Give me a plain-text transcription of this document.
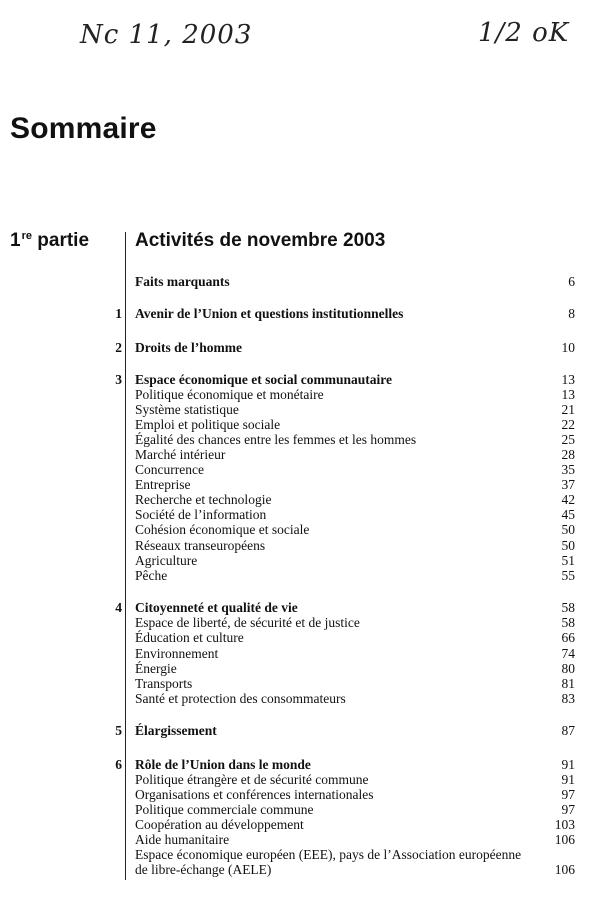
Nc 11, 2003	1/2 oK
Sommaire
1re partie Activités de novembre 2003
Faits marquants	6
1 Avenir de l’Union et questions institutionnelles	8
2 Droits de l’homme	10
3 Espace économique et social communautaire	13
Politique économique et monétaire	13
Système statistique	21
Emploi et politique sociale	22
Égalité des chances entre les femmes et les hommes	25
Marché intérieur	28
Concurrence	35
Entreprise	37
Recherche et technologie	42
Société de l’information	45
Cohésion économique et sociale	50
Réseaux transeuropéens	50
Agriculture	51
Pêche	55
4 Citoyenneté et qualité de vie	58
Espace de liberté, de sécurité et de justice	58
Éducation et culture	66
Environnement	74
Énergie	80
Transports	81
Santé et protection des consommateurs	83
5 Élargissement	87
6 Rôle de l’Union dans le monde	91
Politique étrangère et de sécurité commune	91
Organisations et conférences internationales	97
Politique commerciale commune	97
Coopération au développement	103
Aide humanitaire	106
Espace économique européen (EEE), pays de l’Association européenne
de libre-échange (AELE)	106
